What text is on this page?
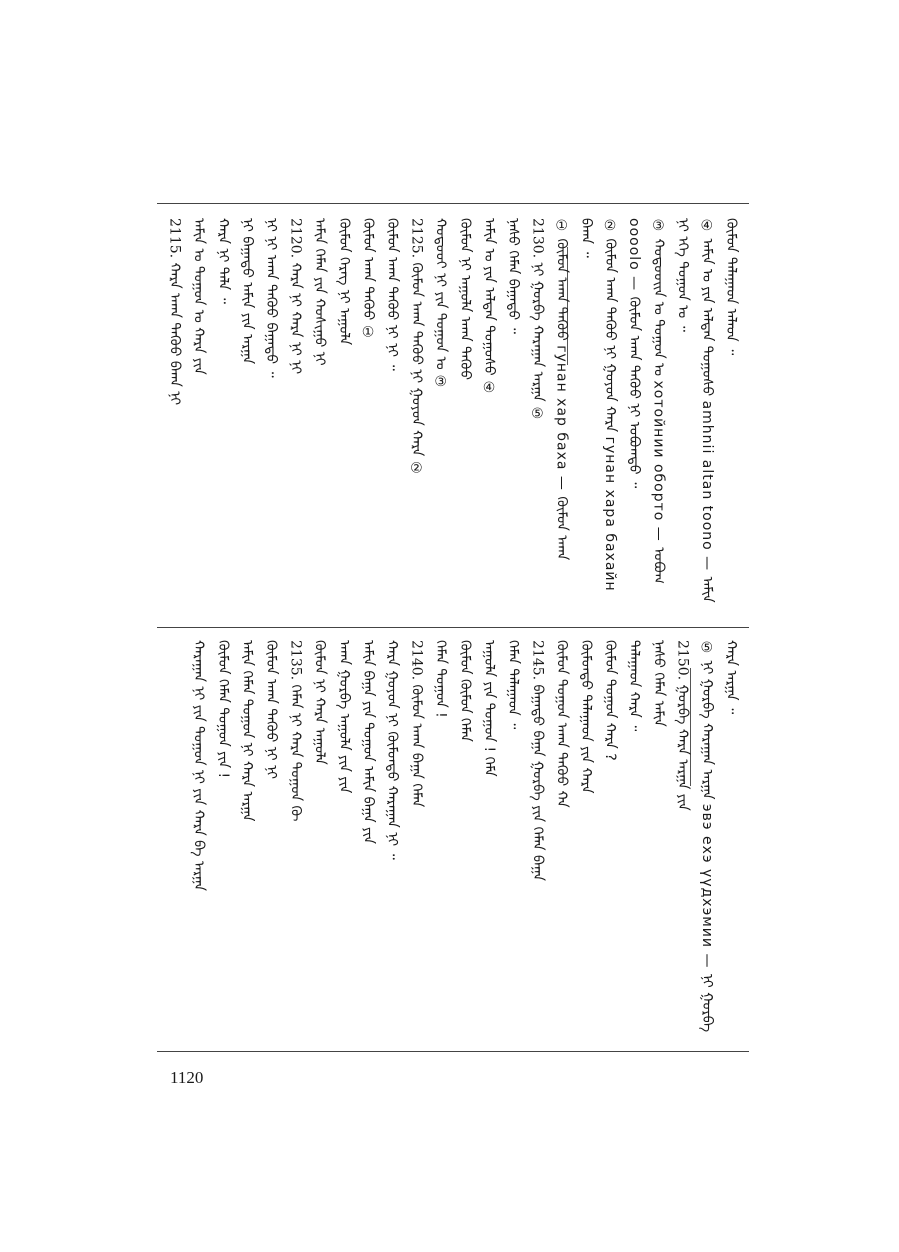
ᠬᠦᠮᠦᠨ ᠲᠠᠯᠠᠭᠠᠳ ᠠᠯᠠᠳ ᠃
④ ᠠᠮᠢᠨ ᠤ ᠶᠢᠨ ᠠᠯᠲᠠᠨ ᠲᠣᠭᠣᠰᠤ amhnii altan toono — ᠠᠮᠢᠨ
ᠨᠢ ᠡᠬᠡ ᠲᠣᠭᠣᠨ ᠤ ᠃
③ ᠬᠣᠲᠣᠣᠢᠨ ᠤ ᠲᠣᠭᠣᠨ ᠤ хотойнии обоpто — ᠣᠪᠣᠭ
oooolo — ᠬᠦᠮᠦᠨ ᠠᠬᠠ ᠳᠡᠭᠦᠦ ᠨᠢ ᠣᠪᠣᠭᠲᠤ ᠃
② ᠬᠦᠮᠦᠨ ᠠᠬᠠ ᠳᠡᠭᠦᠦ ᠨᠢ ᠭᠤᠶᠤᠨ ᠬᠠᠷᠠ гунан хара бахайн
ᠪᠠᠬᠠ ᠃
① ᠬᠦᠮᠦᠨ ᠠᠬᠠ ᠳᠡᠭᠦᠦ гунан хар баха — ᠬᠦᠮᠦᠨ ᠠᠬᠠ
2130. ᠨᠢ ᠭᠤᠷᠪᠠ ᠬᠠᠷᠠᠭᠠᠨ ᠠᠷᠭᠠ ⑤
ᠨᠠᠰᠤ ᠬᠡᠮᠡᠨ ᠪᠠᠭᠠᠳᠤ ᠃
ᠠᠮᠢᠨ ᠤ ᠶᠢᠨ ᠠᠯᠲᠠᠨ ᠲᠣᠭᠣᠰᠤ ④
ᠬᠦᠮᠦᠨ ᠨᠢ ᠠᠭᠤᠯᠠ ᠠᠬᠠ ᠳᠡᠭᠦᠦ
ᠬᠣᠲᠣᠣᠢ ᠨᠢ ᠶᠢᠨ ᠲᠣᠭᠣᠨ ᠤ ③
2125. ᠬᠦᠮᠦᠨ ᠠᠬᠠ ᠳᠡᠭᠦᠦ ᠨᠢ ᠭᠤᠶᠤᠨ ᠬᠠᠷᠠ ②
ᠬᠦᠮᠦᠨ ᠠᠬᠠ ᠳᠡᠭᠦᠦ ᠨᠢ ᠨᠢ ᠃
ᠬᠦᠮᠦᠨ ᠠᠬᠠ ᠳᠡᠭᠦᠦ ①
ᠬᠦᠮᠦᠨ ᠬᠡᠷᠡᠭ ᠨᠢ ᠠᠭᠤᠯᠠ
ᠠᠮᠢᠨ ᠬᠡᠮᠡᠨ ᠶᠢᠨ ᠬᠣᠰᠢᠭᠤ ᠨᠢ
2120. ᠬᠠᠷᠠ ᠨᠢ ᠬᠠᠷᠠ ᠨᠢ ᠨᠢ
ᠨᠢ ᠨᠢ ᠠᠬᠠ ᠳᠡᠭᠦᠦ ᠪᠠᠭᠠᠳᠤ ᠃
ᠨᠢ ᠪᠠᠭᠠᠳᠤ ᠠᠮᠢᠨ ᠶᠢᠨ ᠠᠷᠭᠠ
ᠬᠠᠷᠠ ᠨᠢ ᠲᠠᠯᠠ ᠃
ᠠᠮᠢᠨ ᠤ ᠲᠣᠭᠣᠨ ᠤ ᠬᠠᠷᠠ ᠶᠢᠨ
2115. ᠬᠠᠷᠠ ᠠᠬᠠ ᠳᠡᠭᠦᠦ ᠪᠠᠬᠠ ᠨᠢ
ᠬᠠᠷᠠ ᠠᠷᠭᠠ ᠃
⑤ ᠨᠢ ᠭᠤᠷᠪᠠ ᠬᠠᠷᠠᠭᠠᠨ ᠠᠷᠭᠠ эвэ ехэ үүдхэмии — ᠨᠢ ᠭᠤᠷᠪᠠ
2150. ᠭᠤᠷᠪᠠ ᠬᠠᠷᠠ ᠠᠷᠭᠠ ᠶᠢᠨ
ᠨᠠᠰᠤ ᠬᠡᠮᠡᠨ ᠠᠮᠢᠨ
ᠲᠠᠯᠠᠭᠠᠳ ᠬᠠᠷᠠ ᠃
ᠬᠦᠮᠦᠨ ᠲᠣᠭᠣᠨ ᠬᠠᠷᠠ ?
ᠬᠦᠮᠦᠨᠳᠦ ᠲᠠᠯᠠᠭᠠᠳ ᠶᠢᠨ ᠬᠠᠷᠠ
ᠬᠦᠮᠦᠨ ᠲᠣᠭᠣᠨ ᠠᠬᠠ ᠳᠡᠭᠦᠦ ᠬᠠ
2145. ᠪᠠᠭᠠᠳᠤ ᠪᠠᠭᠠ ᠭᠤᠷᠪᠠ ᠶᠢᠨ ᠬᠡᠮᠡᠨ ᠪᠠᠭᠠ
ᠬᠡᠮᠡᠨ ᠲᠠᠯᠠᠭᠠᠳ ᠃
ᠠᠭᠤᠯᠠ ᠶᠢᠨ ᠲᠣᠭᠣᠨ ! ᠬᠡᠮᠡ
ᠬᠦᠮᠦᠨ ᠬᠦᠮᠦᠨ ᠬᠡᠮᠡᠨ
ᠬᠡᠮᠡᠨ ᠲᠣᠭᠣᠨ !
2140. ᠬᠦᠮᠦᠨ ᠠᠬᠠ ᠪᠠᠭᠠ ᠬᠡᠮᠡᠨ
ᠬᠠᠷᠠ ᠭᠤᠶᠤᠨ ᠨᠢ ᠬᠦᠮᠦᠨᠳᠦ ᠬᠠᠷᠠᠭᠠᠨ ᠨᠢ ᠃
ᠠᠮᠢᠨ ᠪᠠᠭᠠ ᠶᠢᠨ ᠲᠣᠭᠣᠨ ᠠᠮᠢᠨ ᠪᠠᠭᠠ ᠶᠢᠨ
ᠠᠬᠠ ᠭᠤᠷᠪᠠ ᠠᠭᠤᠯᠠ ᠶᠢᠨ ᠶᠢᠨ
ᠬᠦᠮᠦᠨ ᠨᠢ ᠬᠠᠷᠠ ᠠᠭᠤᠯᠠ
2135. ᠬᠡᠮᠡᠨ ᠨᠢ ᠬᠠᠷᠠ ᠲᠣᠭᠣᠨ ᠬᠦ
ᠬᠦᠮᠦᠨ ᠠᠬᠠ ᠳᠡᠭᠦᠦ ᠨᠢ ᠨᠢ
ᠠᠮᠢᠨ ᠬᠡᠮᠡᠨ ᠲᠣᠭᠣᠨ ᠨᠢ ᠬᠠᠷᠠ ᠠᠷᠭᠠ
ᠬᠦᠮᠦᠨ ᠬᠡᠮᠡᠨ ᠲᠣᠭᠣᠨ ᠶᠢᠨ !
ᠬᠠᠷᠠᠭᠠᠨ ᠨᠢ ᠶᠢᠨ ᠲᠣᠭᠣᠨ ᠨᠢ ᠶᠢᠨ ᠬᠠᠷᠠ ᠪᠠ ᠠᠷᠭᠠ
1120
